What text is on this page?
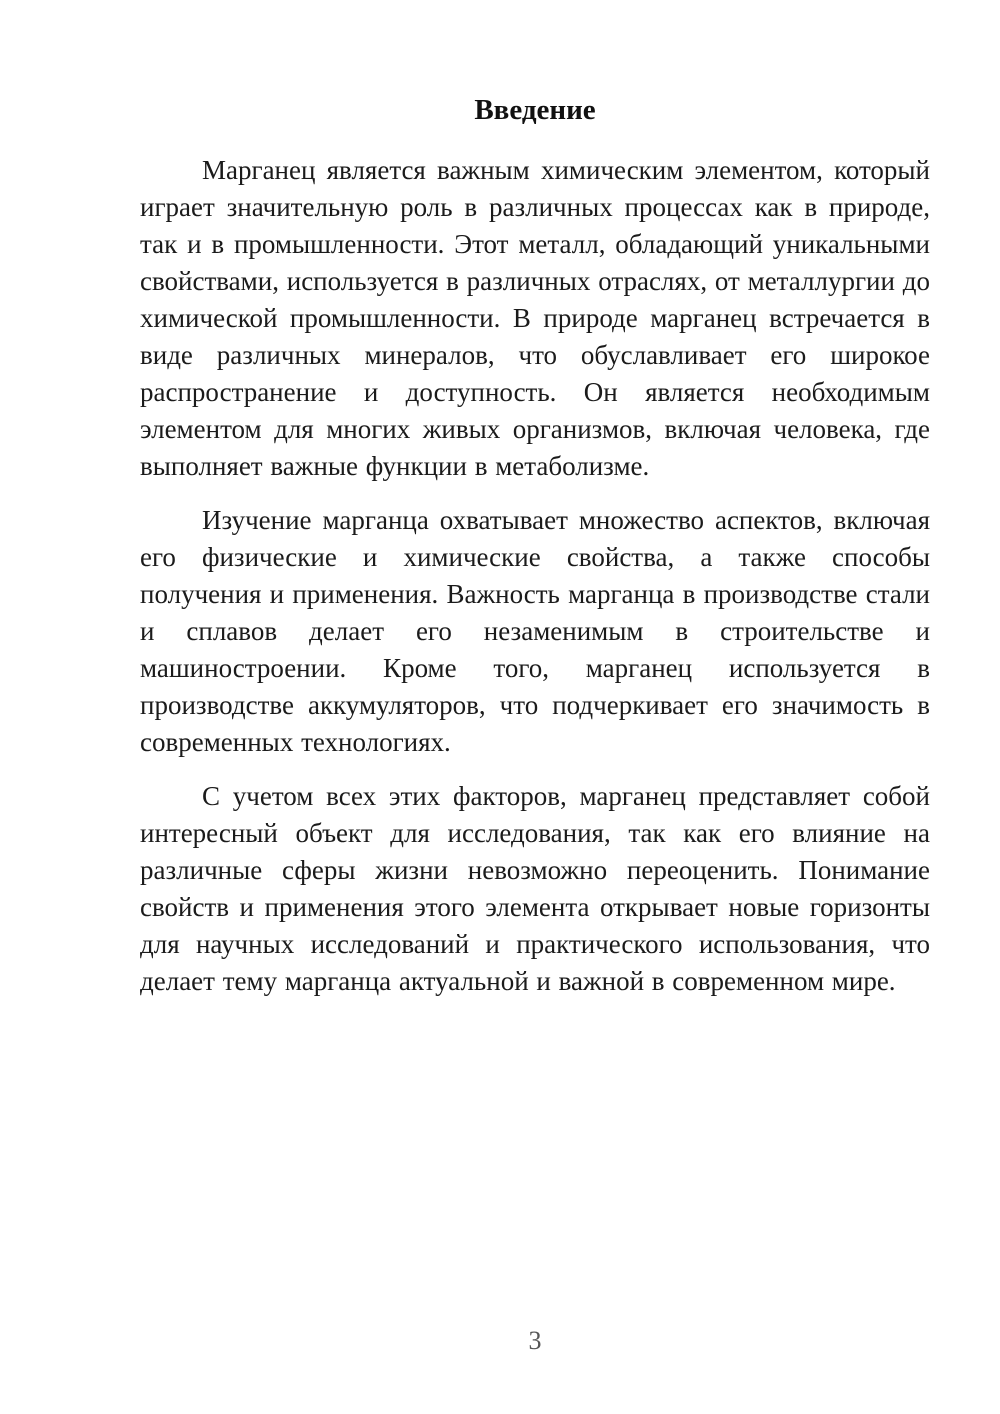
Введение

Марганец является важным химическим элементом, который играет значительную роль в различных процессах как в природе, так и в промышленности. Этот металл, обладающий уникальными свойствами, используется в различных отраслях, от металлургии до химической промышленности. В природе марганец встречается в виде различных минералов, что обуславливает его широкое распространение и доступность. Он является необходимым элементом для многих живых организмов, включая человека, где выполняет важные функции в метаболизме.

Изучение марганца охватывает множество аспектов, включая его физические и химические свойства, а также способы получения и применения. Важность марганца в производстве стали и сплавов делает его незаменимым в строительстве и машиностроении. Кроме того, марганец используется в производстве аккумуляторов, что подчеркивает его значимость в современных технологиях.

С учетом всех этих факторов, марганец представляет собой интересный объект для исследования, так как его влияние на различные сферы жизни невозможно переоценить. Понимание свойств и применения этого элемента открывает новые горизонты для научных исследований и практического использования, что делает тему марганца актуальной и важной в современном мире.

3
